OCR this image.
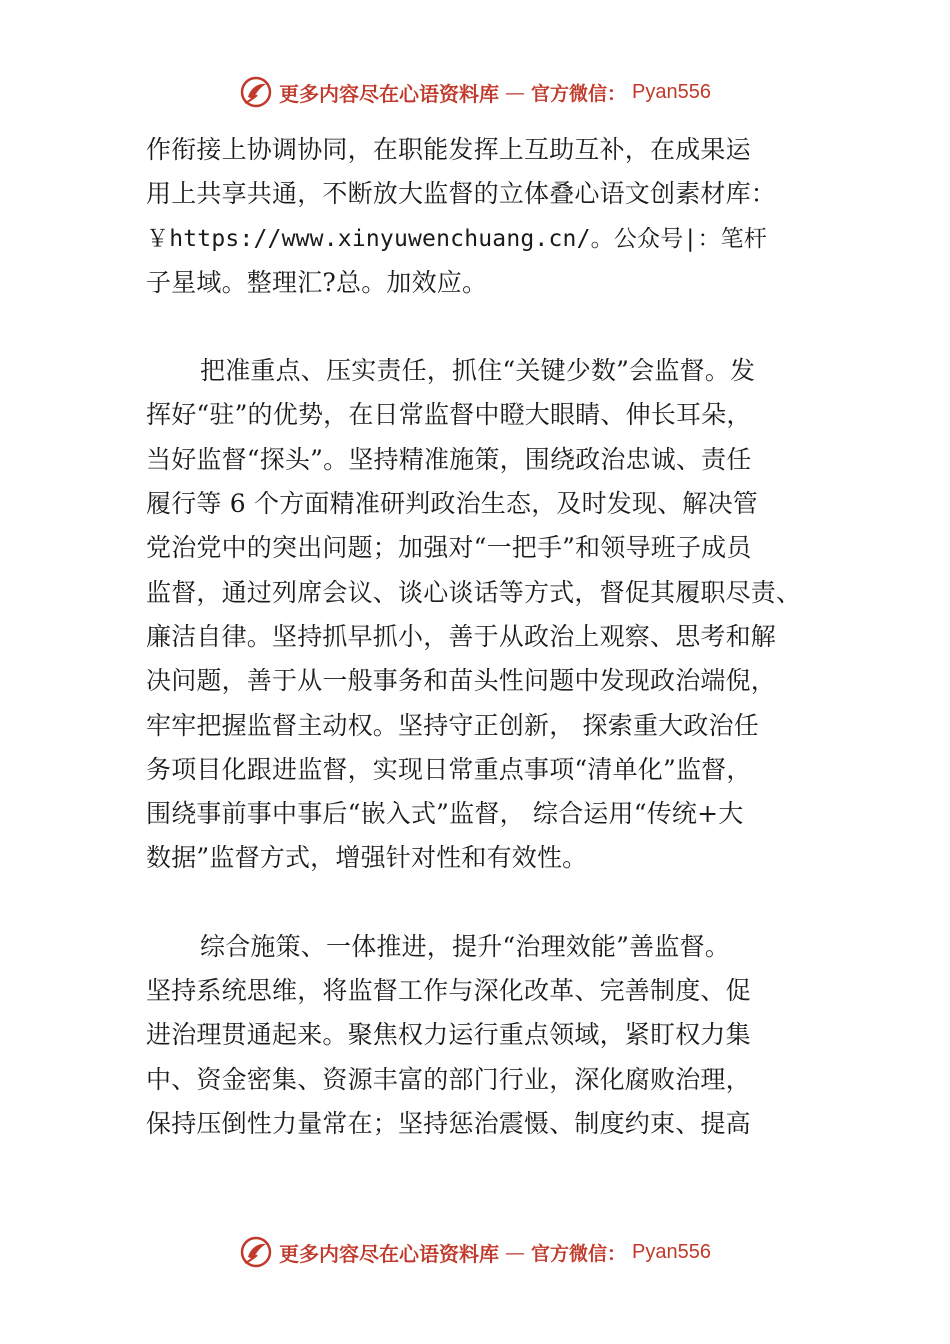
更多内容尽在心语资料库 — 官方微信： Pyan556
作衔接上协调协同，在职能发挥上互助互补，在成果运
用上共享共通，不断放大监督的立体叠心语文创素材库：
￥https://www.xinyuwenchuang.cn/。公众号|：笔杆
子星域。整理汇?总。加效应。
把准重点、压实责任，抓住“关键少数”会监督。发
挥好“驻”的优势，在日常监督中瞪大眼睛、伸长耳朵，
当好监督“探头”。坚持精准施策，围绕政治忠诚、责任
履行等 6 个方面精准研判政治生态，及时发现、解决管
党治党中的突出问题；加强对“一把手”和领导班子成员
监督，通过列席会议、谈心谈话等方式，督促其履职尽责、
廉洁自律。坚持抓早抓小，善于从政治上观察、思考和解
决问题，善于从一般事务和苗头性问题中发现政治端倪，
牢牢把握监督主动权。坚持守正创新， 探索重大政治任
务项目化跟进监督，实现日常重点事项“清单化”监督，
围绕事前事中事后“嵌入式”监督， 综合运用“传统+大
数据”监督方式，增强针对性和有效性。
综合施策、一体推进，提升“治理效能”善监督。
坚持系统思维，将监督工作与深化改革、完善制度、促
进治理贯通起来。聚焦权力运行重点领域，紧盯权力集
中、资金密集、资源丰富的部门行业，深化腐败治理，
保持压倒性力量常在；坚持惩治震慑、制度约束、提高
更多内容尽在心语资料库 — 官方微信： Pyan556
